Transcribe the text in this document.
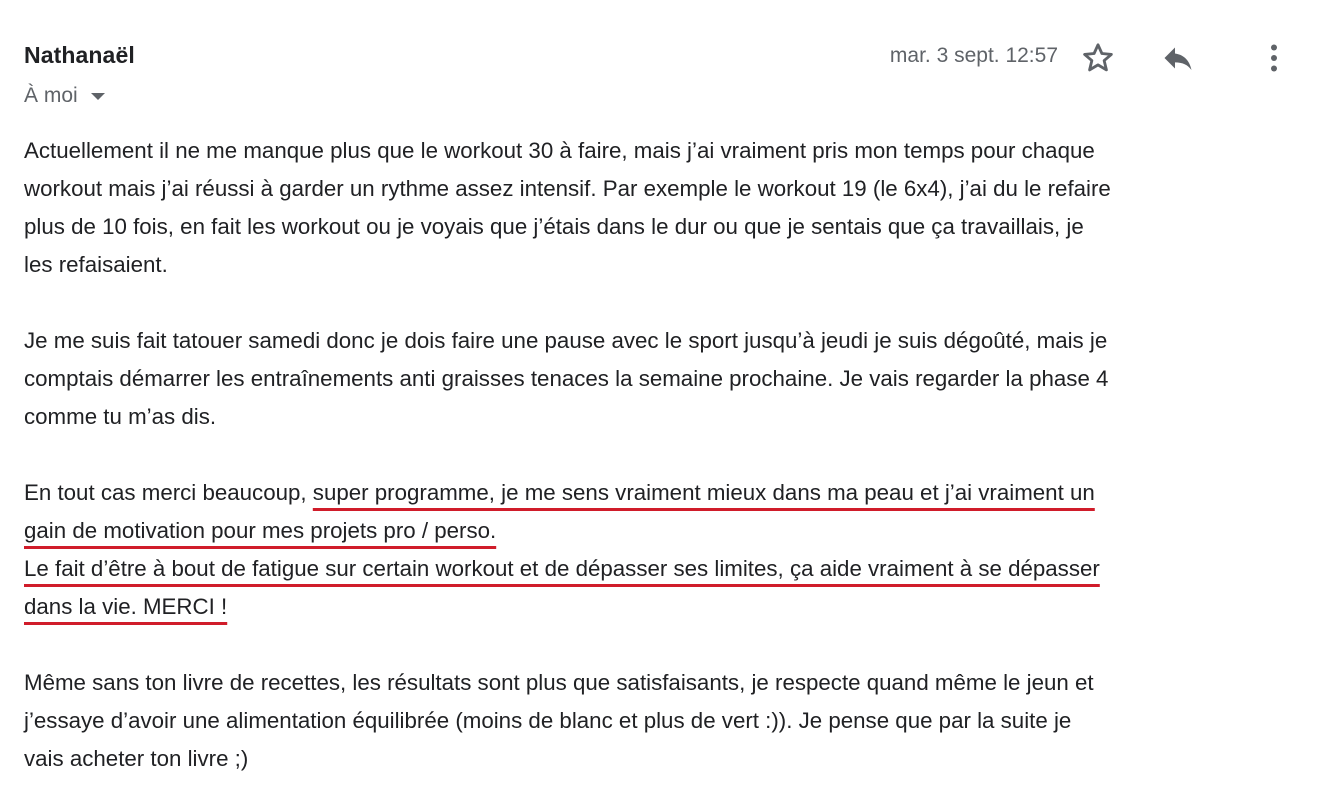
Nathanaël
À moi
mar. 3 sept. 12:57

Actuellement il ne me manque plus que le workout 30 à faire, mais j’ai vraiment pris mon temps pour chaque
workout mais j’ai réussi à garder un rythme assez intensif. Par exemple le workout 19 (le 6x4), j’ai du le refaire
plus de 10 fois, en fait les workout ou je voyais que j’étais dans le dur ou que je sentais que ça travaillais, je
les refaisaient.

Je me suis fait tatouer samedi donc je dois faire une pause avec le sport jusqu’à jeudi je suis dégoûté, mais je
comptais démarrer les entraînements anti graisses tenaces la semaine prochaine. Je vais regarder la phase 4
comme tu m’as dis.

En tout cas merci beaucoup, super programme, je me sens vraiment mieux dans ma peau et j’ai vraiment un
gain de motivation pour mes projets pro / perso.
Le fait d’être à bout de fatigue sur certain workout et de dépasser ses limites, ça aide vraiment à se dépasser
dans la vie. MERCI !

Même sans ton livre de recettes, les résultats sont plus que satisfaisants, je respecte quand même le jeun et
j’essaye d’avoir une alimentation équilibrée (moins de blanc et plus de vert :)). Je pense que par la suite je
vais acheter ton livre ;)
